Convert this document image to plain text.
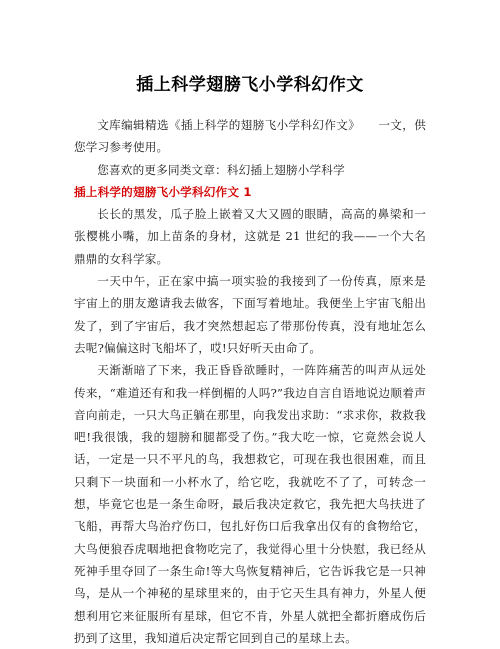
插上科学翅膀飞小学科幻作文

文库编辑精选《插上科学的翅膀飞小学科幻作文》　　一文，供您学习参考使用。

您喜欢的更多同类文章：科幻插上翅膀小学科学

插上科学的翅膀飞小学科幻作文 1

长长的黑发，瓜子脸上嵌着又大又圆的眼睛，高高的鼻梁和一张樱桃小嘴，加上苗条的身材，这就是 21 世纪的我——一个大名鼎鼎的女科学家。

一天中午，正在家中搞一项实验的我接到了一份传真，原来是宇宙上的朋友邀请我去做客，下面写着地址。我便坐上宇宙飞船出发了，到了宇宙后，我才突然想起忘了带那份传真，没有地址怎么去呢?偏偏这时飞船坏了，哎!只好听天由命了。

天渐渐暗了下来，我正昏昏欲睡时，一阵阵痛苦的叫声从远处传来，“难道还有和我一样倒楣的人吗?”我边自言自语地说边顺着声音向前走，一只大鸟正躺在那里，向我发出求助：“求求你，救救我吧!我很饿，我的翅膀和腿都受了伤。”我大吃一惊，它竟然会说人话，一定是一只不平凡的鸟，我想救它，可现在我也很困难，而且只剩下一块面和一小杯水了，给它吃，我就吃不了了，可转念一想，毕竟它也是一条生命呀，最后我决定救它，我先把大鸟扶进了飞船，再帮大鸟治疗伤口，包扎好伤口后我拿出仅有的食物给它，大鸟便狼吞虎咽地把食物吃完了，我觉得心里十分快慰，我已经从死神手里夺回了一条生命!等大鸟恢复精神后，它告诉我它是一只神鸟，是从一个神秘的星球里来的，由于它天生具有神力，外星人便想利用它来征服所有星球，但它不肯，外星人就把全都折磨成伤后扔到了这里，我知道后决定帮它回到自己的星球上去。
